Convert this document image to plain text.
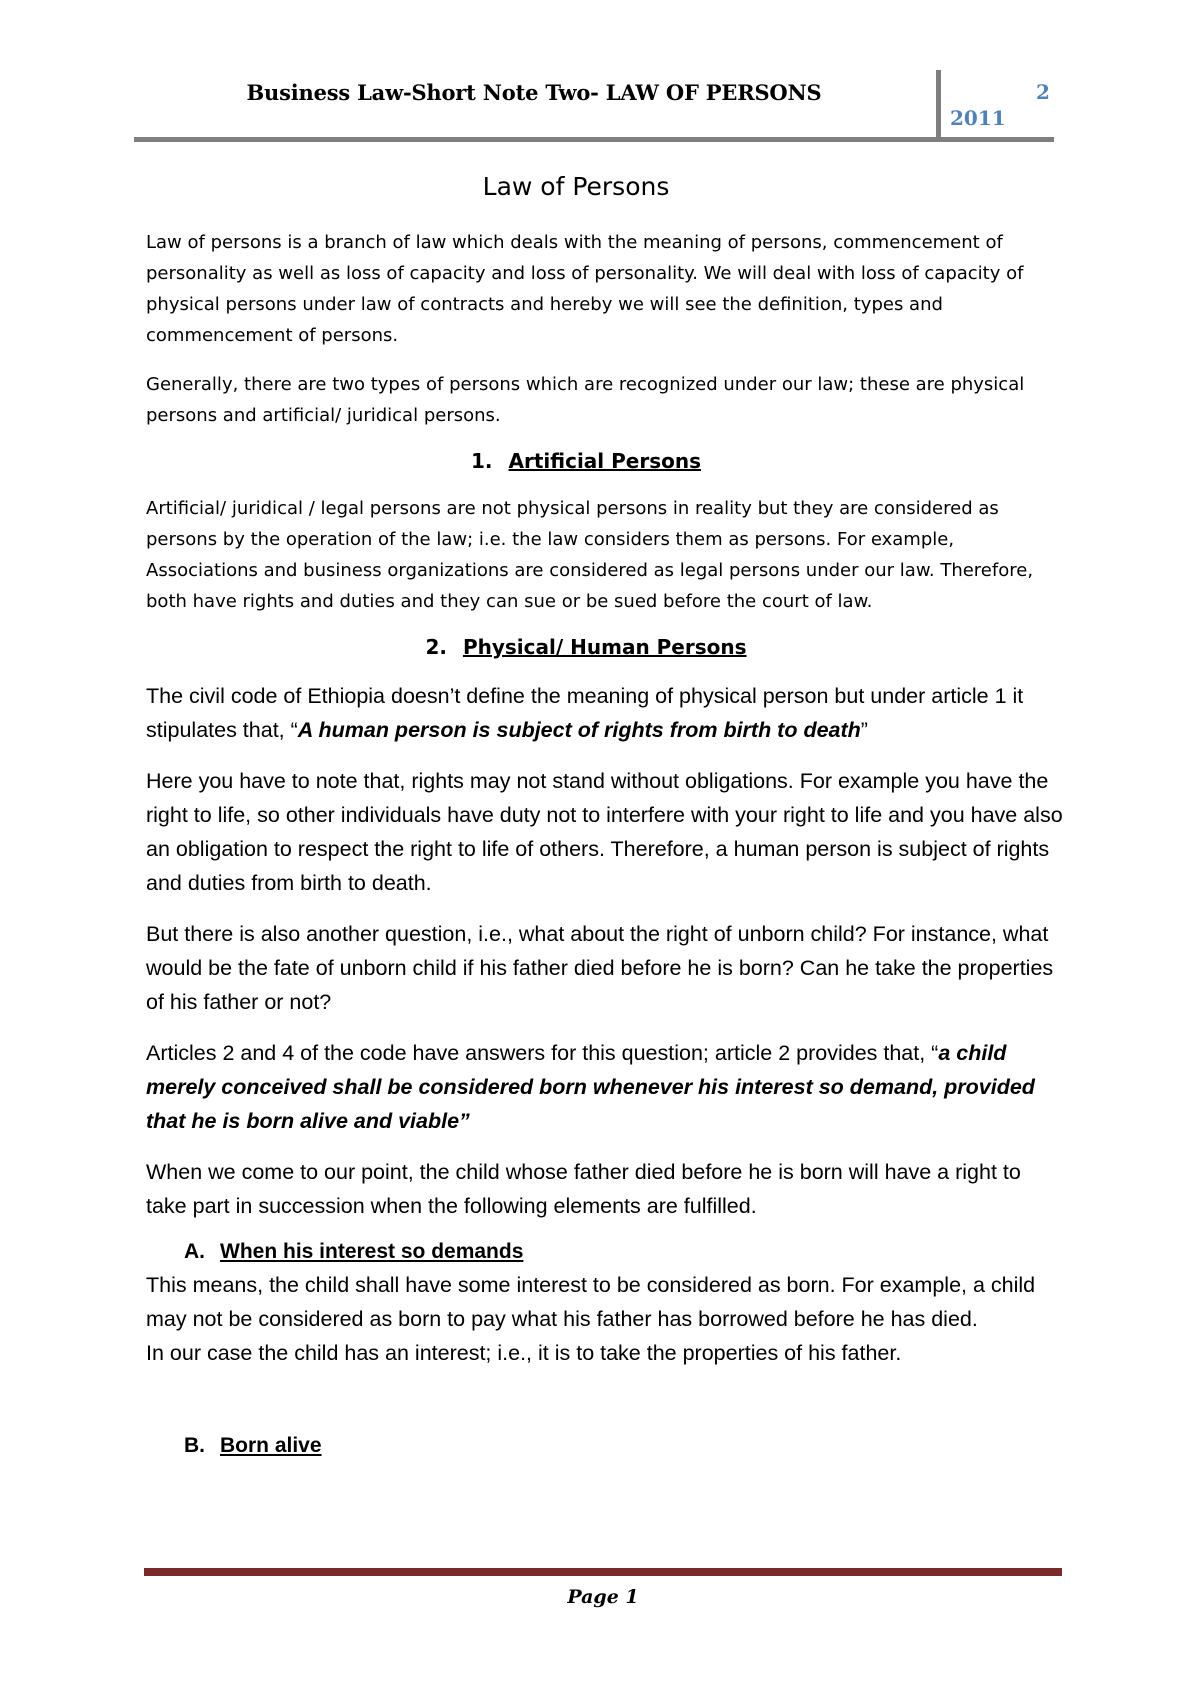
Business Law-Short Note Two- LAW OF PERSONS	2
2011
Law of Persons

Law of persons is a branch of law which deals with the meaning of persons, commencement of personality as well as loss of capacity and loss of personality. We will deal with loss of capacity of physical persons under law of contracts and hereby we will see the definition, types and commencement of persons.

Generally, there are two types of persons which are recognized under our law; these are physical persons and artificial/ juridical persons.

1. Artificial Persons

Artificial/ juridical / legal persons are not physical persons in reality but they are considered as persons by the operation of the law; i.e. the law considers them as persons. For example, Associations and business organizations are considered as legal persons under our law. Therefore, both have rights and duties and they can sue or be sued before the court of law.

2. Physical/ Human Persons

The civil code of Ethiopia doesn’t define the meaning of physical person but under article 1 it stipulates that, “A human person is subject of rights from birth to death”

Here you have to note that, rights may not stand without obligations. For example you have the right to life, so other individuals have duty not to interfere with your right to life and you have also an obligation to respect the right to life of others. Therefore, a human person is subject of rights and duties from birth to death.

But there is also another question, i.e., what about the right of unborn child? For instance, what would be the fate of unborn child if his father died before he is born? Can he take the properties of his father or not?

Articles 2 and 4 of the code have answers for this question; article 2 provides that, “a child merely conceived shall be considered born whenever his interest so demand, provided that he is born alive and viable”

When we come to our point, the child whose father died before he is born will have a right to take part in succession when the following elements are fulfilled.

A. When his interest so demands

This means, the child shall have some interest to be considered as born. For example, a child may not be considered as born to pay what his father has borrowed before he has died.

In our case the child has an interest; i.e., it is to take the properties of his father.

B. Born alive
Page 1
